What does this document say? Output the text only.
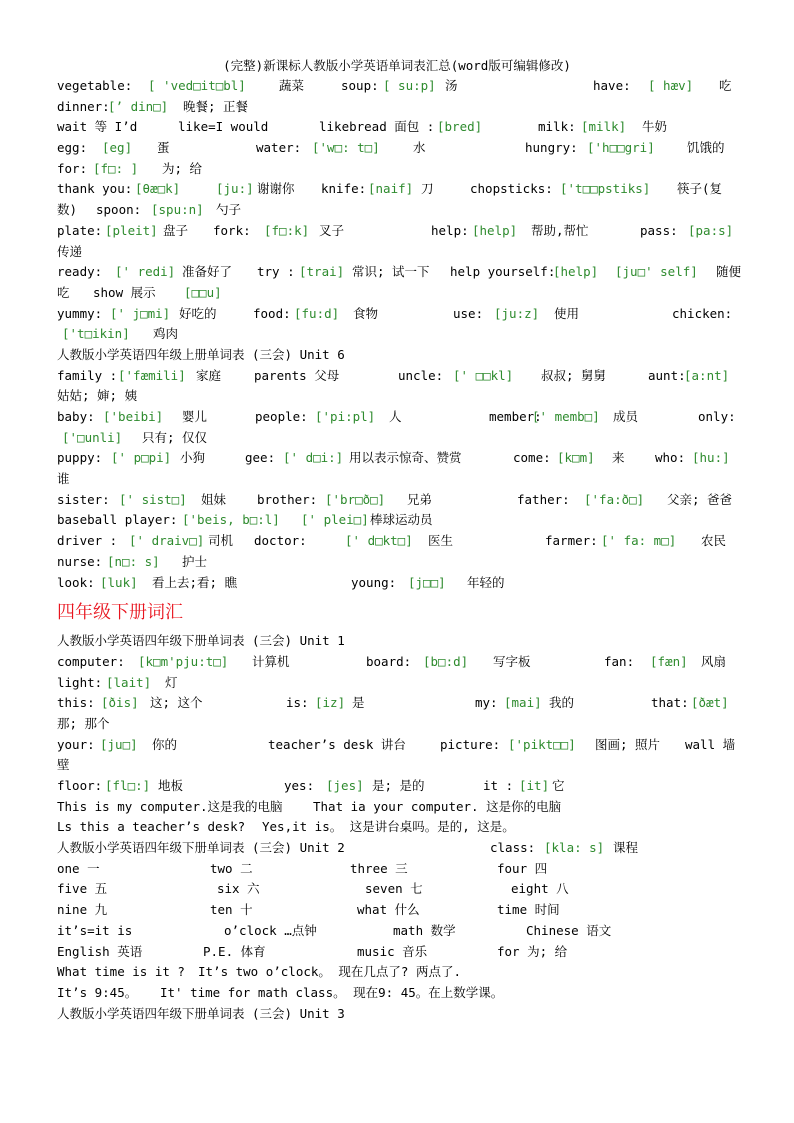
(完整)新课标人教版小学英语单词表汇总(word版可编辑修改)
vegetable: [ 'ved□it□bl]	蔬菜	soup: [ su:p] 汤	have: [ hæv] 吃
dinner:
[’ din□] 晚餐; 正餐
wait 等 I’d	like=I would	likebread 面包 : [bred]	milk: [milk] 牛奶
egg: [eg] 蛋	water: ['w□: t□]	水	hungry: ['h□□gri]	饥饿的
for: [f□: ] 为; 给
thank you: [θæ□k]	[ju:] 谢谢你 knife: [naif] 刀	chopsticks: ['t□□pstiks] 筷子(复
数) spoon: [spu:n] 勺子
plate: [pleit] 盘子 fork: [f□:k] 叉子	help: [help] 帮助,帮忙	pass: [pa:s]
传递
ready: [' redi] 准备好了 try : [trai] 常识; 试一下 help yourself:
[help] [ju□' self] 随便
吃 show 展示 [□□u]
yummy: [' j□mi] 好吃的	food: [fu:d] 食物	use: [ju:z] 使用	chicken:
['t□ikin] 鸡肉
人教版小学英语四年级上册单词表 (三会) Unit 6
family : ['fæmili] 家庭	parents 父母	uncle: [' □□kl] 叔叔; 舅舅	aunt:
[a:nt]
姑姑; 婶; 姨
baby: ['beibi] 婴儿	people: ['pi:pl] 人	member:
[' memb□] 成员	only:
['□unli] 只有; 仅仅
puppy: [' p□pi] 小狗	gee: [' d□i:] 用以表示惊奇、赞赏	come: [k□m] 来 who: [hu:]
谁
sister: [' sist□] 姐妹 brother: ['br□ð□] 兄弟	father: ['fa:ð□] 父亲; 爸爸
baseball player: ['beis, b□:l] [' plei□] 棒球运动员
driver : [' draiv□] 司机 doctor:	[' d□kt□] 医生	farmer: [' fa: m□] 农民
nurse: [n□: s] 护士
look: [luk] 看上去;看; 瞧	young: [j□□] 年轻的
四年级下册词汇
人教版小学英语四年级下册单词表 (三会) Unit 1
computer: [k□m'pju:t□] 计算机	board: [b□:d] 写字板	fan: [fæn] 风扇
light: [lait] 灯
this: [ðis] 这; 这个	is: [iz] 是	my: [mai] 我的	that: [ðæt]
那; 那个
your: [ju□] 你的	teacher’s desk 讲台	picture: ['pikt□□] 图画; 照片 wall 墙
壁
floor: [fl□:] 地板	yes: [jes] 是; 是的	it : [it] 它
This is my computer.这是我的电脑 That ia your computer. 这是你的电脑
Ls this a teacher’s desk? Yes,it is。 这是讲台桌吗。是的, 这是。
人教版小学英语四年级下册单词表 (三会) Unit 2	class: [kla: s] 课程
one 一	two 二	three 三	four 四
five 五	six 六	seven 七	eight 八
nine 九	ten 十	what 什么	time 时间
it’s=it is	o’clock …点钟	math 数学	Chinese 语文
English 英语	P.E. 体育	music 音乐	for 为; 给
What time is it ? It’s two o’clock。 现在几点了? 两点了.
It’s 9:45。 It' time for math class。 现在9: 45。在上数学课。
人教版小学英语四年级下册单词表 (三会) Unit 3
